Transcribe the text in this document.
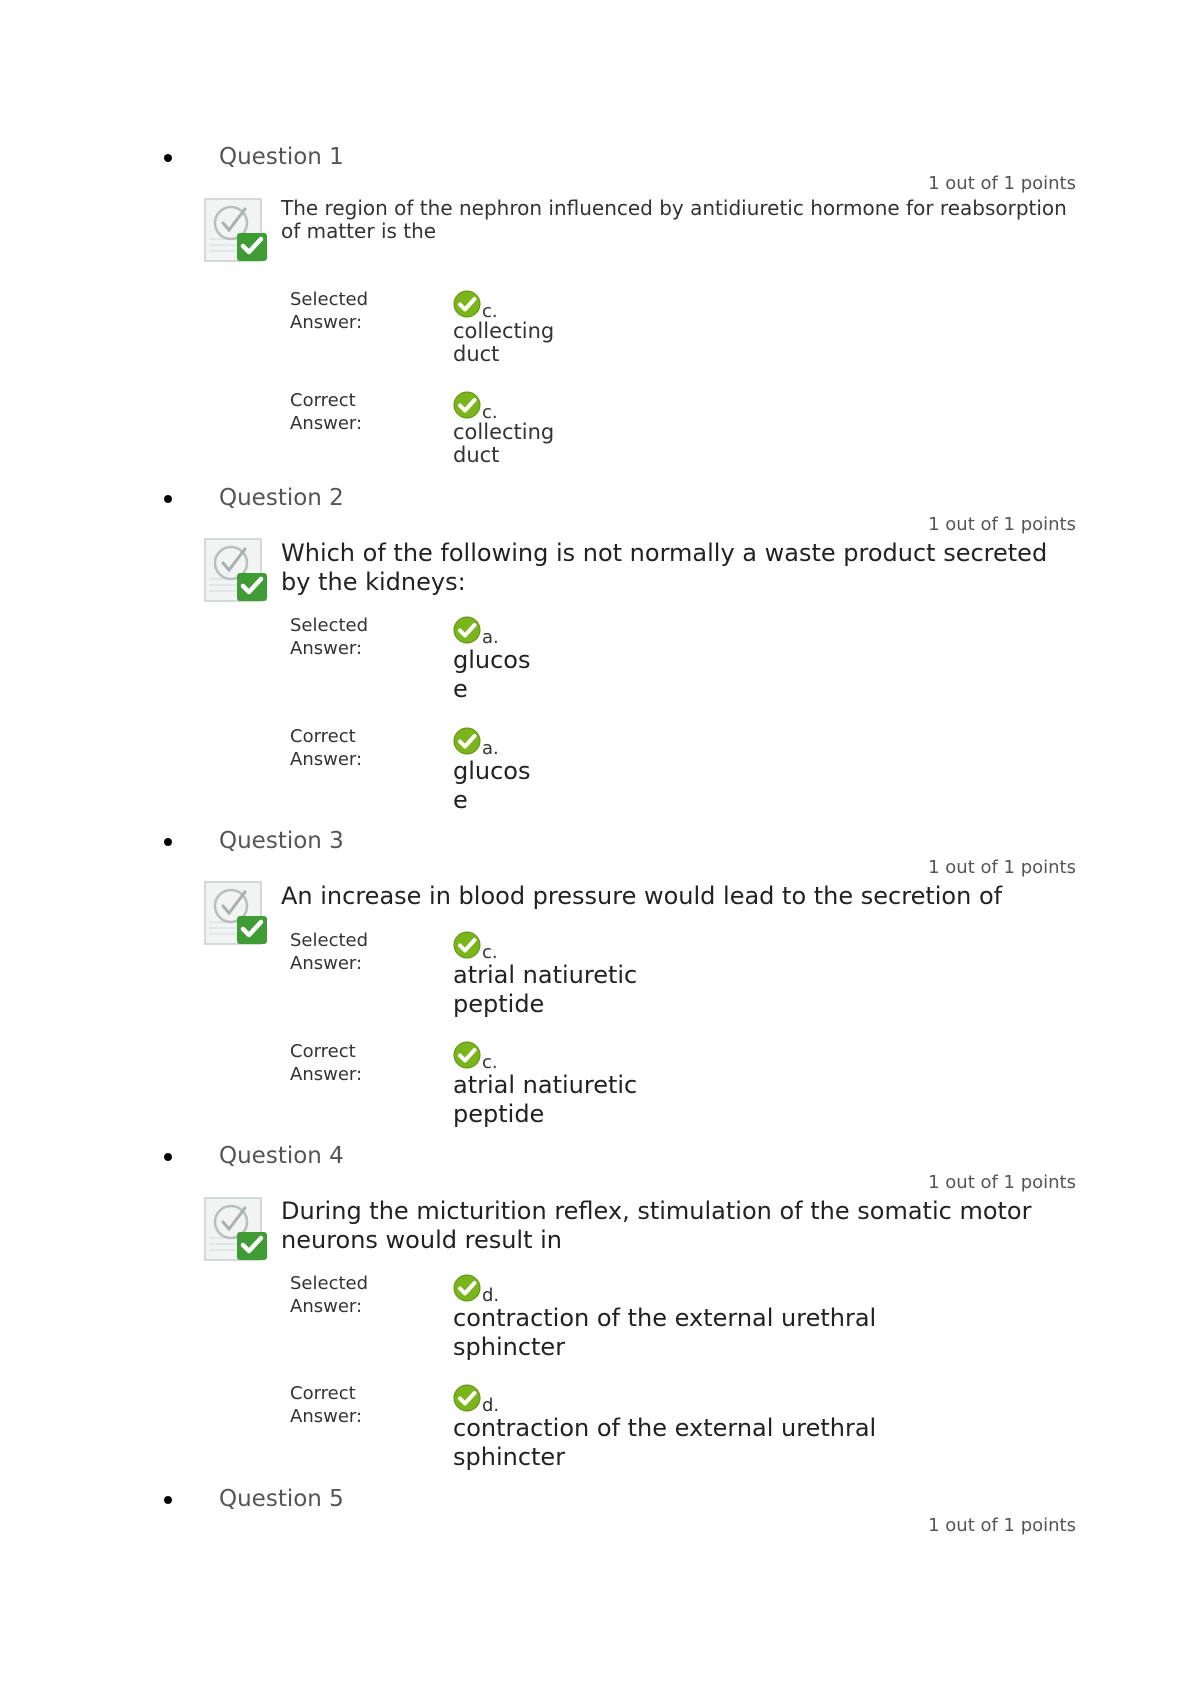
Question 1
1 out of 1 points
The region of the nephron influenced by antidiuretic hormone for reabsorption of matter is the
Selected Answer:
c.
collecting duct
Correct Answer:
c.
collecting duct
Question 2
1 out of 1 points
Which of the following is not normally a waste product secreted by the kidneys:
Selected Answer:
a.
glucose
Correct Answer:
a.
glucose
Question 3
1 out of 1 points
An increase in blood pressure would lead to the secretion of
Selected Answer:
c.
atrial natiuretic peptide
Correct Answer:
c.
atrial natiuretic peptide
Question 4
1 out of 1 points
During the micturition reflex, stimulation of the somatic motor neurons would result in
Selected Answer:
d.
contraction of the external urethral sphincter
Correct Answer:
d.
contraction of the external urethral sphincter
Question 5
1 out of 1 points
